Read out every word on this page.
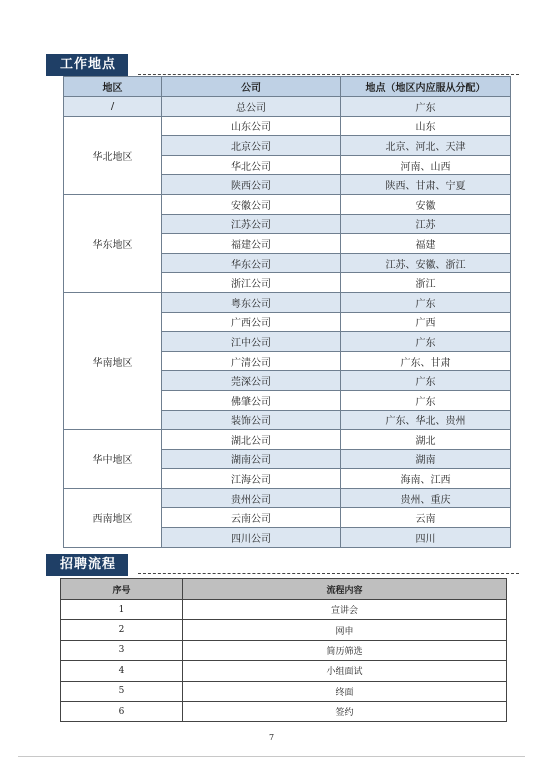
工作地点
地区	公司	地点（地区内应服从分配）
/	总公司	广东
华北地区	山东公司	山东
	北京公司	北京、河北、天津
	华北公司	河南、山西
	陕西公司	陕西、甘肃、宁夏
华东地区	安徽公司	安徽
	江苏公司	江苏
	福建公司	福建
	华东公司	江苏、安徽、浙江
	浙江公司	浙江
华南地区	粤东公司	广东
	广西公司	广西
	江中公司	广东
	广清公司	广东、甘肃
	莞深公司	广东
	佛肇公司	广东
	装饰公司	广东、华北、贵州
华中地区	湖北公司	湖北
	湖南公司	湖南
	江海公司	海南、江西
西南地区	贵州公司	贵州、重庆
	云南公司	云南
	四川公司	四川
招聘流程
序号	流程内容
1	宣讲会
2	网申
3	简历筛选
4	小组面试
5	终面
6	签约
7
